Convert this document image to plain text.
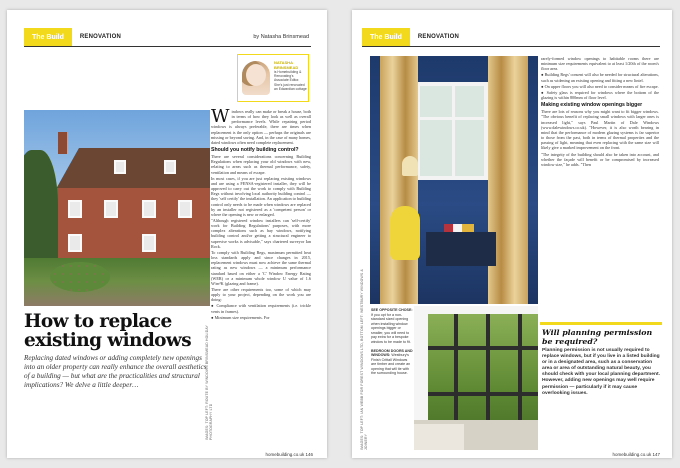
The Build	RENOVATION	by Natasha Brinsmead
NATASHA BRINSMEAD
is Homebuilding & Renovating's Associate Editor. She's just renovated an Edwardian cottage
How to replace existing windows
Replacing dated windows or adding completely new openings into an older property can really enhance the overall aesthetics of a building — but what are the practicalities and structural implications? We delve a little deeper…

Windows really can make or break a house, both in terms of how they look as well as overall performance levels. While repairing period windows is always preferable, there are times when replacement is the only option — perhaps the originals are missing or beyond saving. And, in the case of many homes, dated windows often need complete replacement.

Should you notify building control?

There are several considerations concerning Building Regulations when replacing your old windows with new, relating to areas such as thermal performance, safety, ventilation and means of escape.

In most cases, if you are just replacing existing windows and are using a FENSA-registered installer, they will be approved to carry out the work to comply with Building Regs without involving local authority building control — they 'self certify' the installation. An application to building control only needs to be made when windows are replaced by an installer not registered as a 'competent person' or where the opening is new or enlarged.

"Although registered window installers can 'self-certify' work for Building Regulations' purposes, with more complex alterations such as bay windows, notifying building control and/or getting a structural engineer to supervise works is advisable," says chartered surveyor Ian Rock.

To comply with Building Regs, maximum permitted heat loss standards apply and since changes in 2015, replacement windows must now achieve the same thermal rating as new windows — a minimum performance standard based on either a 'C' Window Energy Rating (WER) or a minimum whole window U value of 1.6 W/m²K (glazing and frame).

There are other requirements too, some of which may apply to your project, depending on the work you are doing:

● Compliance with ventilation requirements (i.e. trickle vents in frames).

● Minimum size requirements. For

IMAGES: TOP LEFT: ROUTE BY WINDOWS BRINSMEAD HOLIDAY PHOTOGRAPHY LTD
homebuilding.co.uk 146
The Build	RENOVATION

rarely-formed window openings to habitable rooms there are minimum size requirements equivalent to at least 1/20th of the room's floor area.

● Building Regs' consent will also be needed for structural alterations, such as widening an existing opening and fitting a new lintel.

● On upper floors you will also need to consider means of fire escape.

● Safety glass is required for windows where the bottom of the glazing is within 800mm of floor level.

Making existing window openings bigger

There are lots of reasons why you might want to fit bigger windows. "The obvious benefit of replacing small windows with larger ones is increased light," says Paul Martin of Dale Windows (www.dalewindows.co.uk). "However, it is also worth bearing in mind that the performance of modern glazing systems is far superior to those from the past, both in terms of thermal properties and the passing of light, meaning that even replacing with the same size will likely give a marked improvement on the front.

"The integrity of the building should also be taken into account, and whether the façade will benefit or be compromised by increased window size," he adds. "Then

IMAGES: TOP LEFT: IAN WEBB FOR FOREST WINDOWS LTD, BOTTOM LEFT: WESTBURY WINDOWS & JOINERY
SEE OPPOSITE CHOSE: If you opt for a non-standard sized opening when installing window openings bigger or smaller, you will need to pay extra for a bespoke window to be made to fit.

BEDROOM DOORS AND WINDOWS: Westbury's Finish Crittall Windows are timber and create an opening that will tie with the surrounding house.
Will planning permission be required?
Planning permission is not usually required to replace windows, but if you live in a listed building or in a designated area, such as a conservation area or area of outstanding natural beauty, you should check with your local planning department. However, adding new openings may well require permission — particularly if it may cause overlooking issues.
homebuilding.co.uk 147
